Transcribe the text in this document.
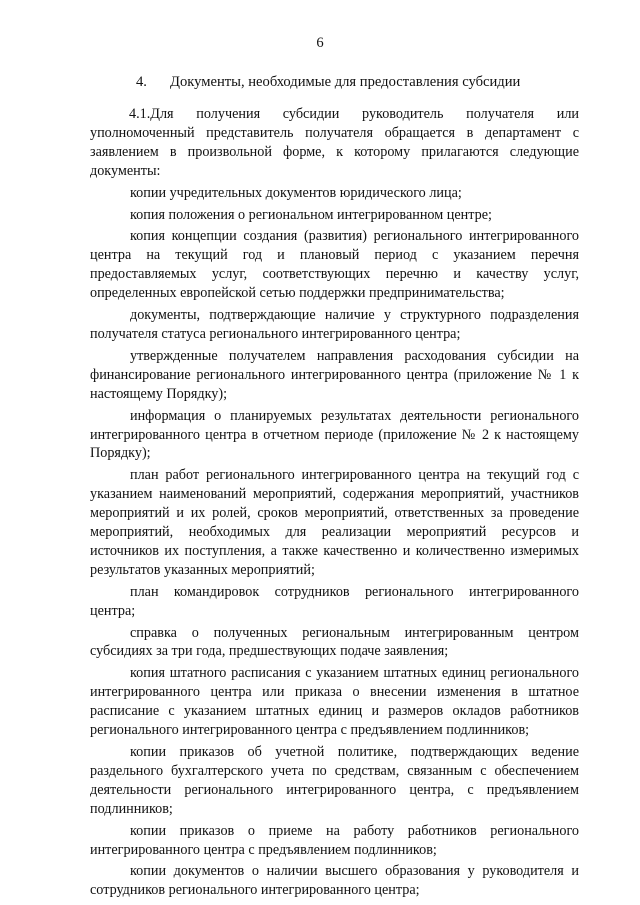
6
4. Документы, необходимые для предоставления субсидии

4.1.Для получения субсидии руководитель получателя или уполномоченный представитель получателя обращается в департамент с заявлением в произвольной форме, к которому прилагаются следующие документы:

копии учредительных документов юридического лица;

копия положения о региональном интегрированном центре;

копия концепции создания (развития) регионального интегрированного центра на текущий год и плановый период с указанием перечня предоставляемых услуг, соответствующих перечню и качеству услуг, определенных европейской сетью поддержки предпринимательства;

документы, подтверждающие наличие у структурного подразделения получателя статуса регионального интегрированного центра;

утвержденные получателем направления расходования субсидии на финансирование регионального интегрированного центра (приложение № 1 к настоящему Порядку);

информация о планируемых результатах деятельности регионального интегрированного центра в отчетном периоде (приложение № 2 к настоящему Порядку);

план работ регионального интегрированного центра на текущий год с указанием наименований мероприятий, содержания мероприятий, участников мероприятий и их ролей, сроков мероприятий, ответственных за проведение мероприятий, необходимых для реализации мероприятий ресурсов и источников их поступления, а также качественно и количественно измеримых результатов указанных мероприятий;

план командировок сотрудников регионального интегрированного центра;

справка о полученных региональным интегрированным центром субсидиях за три года, предшествующих подаче заявления;

копия штатного расписания с указанием штатных единиц регионального интегрированного центра или приказа о внесении изменения в штатное расписание с указанием штатных единиц и размеров окладов работников регионального интегрированного центра с предъявлением подлинников;

копии приказов об учетной политике, подтверждающих ведение раздельного бухгалтерского учета по средствам, связанным с обеспечением деятельности регионального интегрированного центра, с предъявлением подлинников;

копии приказов о приеме на работу работников регионального интегрированного центра с предъявлением подлинников;

копии документов о наличии высшего образования у руководителя и сотрудников регионального интегрированного центра;
